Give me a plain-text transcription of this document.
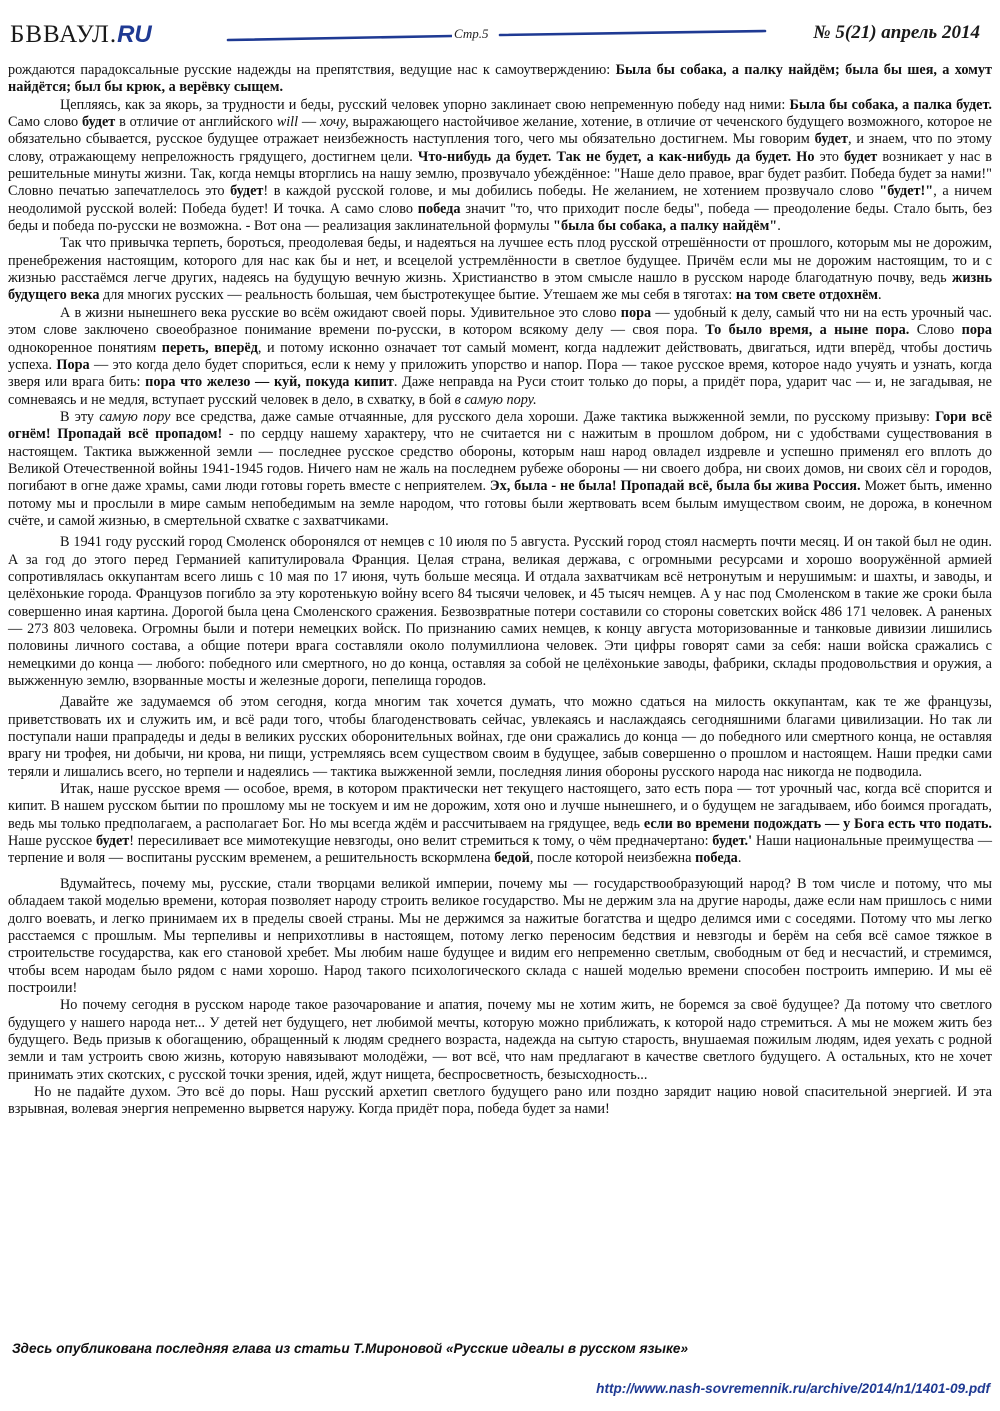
БВВАУЛ.RU	Стр.5	№ 5(21) апрель 2014

рождаются парадоксальные русские надежды на препятствия, ведущие нас к самоутверждению: Была бы собака, а палку найдём; была бы шея, а хомут найдётся; был бы крюк, а верёвку сыщем.

Цепляясь, как за якорь, за трудности и беды, русский человек упорно заклинает свою непременную победу над ними: Была бы собака, а палка будет. Само слово будет в отличие от английского will — хочу, выражающего настойчивое желание, хотение, в отличие от чеченского будущего возможного, которое не обязательно сбывается, русское будущее отражает неизбежность наступления того, чего мы обязательно достигнем. Мы говорим будет, и знаем, что по этому слову, отражающему непреложность грядущего, достигнем цели. Что-нибудь да будет. Так не будет, а как-нибудь да будет. Но это будет возникает у нас в решительные минуты жизни. Так, когда немцы вторглись на нашу землю, прозвучало убеждённое: "Наше дело правое, враг будет разбит. Победа будет за нами!" Словно печатью запечатлелось это будет! в каждой русской голове, и мы добились победы. Не желанием, не хотением прозвучало слово "будет!", а ничем неодолимой русской волей: Победа будет! И точка. А само слово победа значит "то, что приходит после беды", победа — преодоление беды. Стало быть, без беды и победа по-русски не возможна. - Вот она — реализация заклинательной формулы "была бы собака, а палку найдём".

Так что привычка терпеть, бороться, преодолевая беды, и надеяться на лучшее есть плод русской отрешённости от прошлого, которым мы не дорожим, пренебрежения настоящим, которого для нас как бы и нет, и всецелой устремлённости в светлое будущее. Причём если мы не дорожим настоящим, то и с жизнью расстаёмся легче других, надеясь на будущую вечную жизнь. Христианство в этом смысле нашло в русском народе благодатную почву, ведь жизнь будущего века для многих русских — реальность большая, чем быстротекущее бытие. Утешаем же мы себя в тяготах: на том свете отдохнём.

А в жизни нынешнего века русские во всём ожидают своей поры. Удивительное это слово пора — удобный к делу, самый что ни на есть урочный час. этом слове заключено своеобразное понимание времени по-русски, в котором всякому делу — своя пора. То было время, а ныне пора. Слово пора однокоренное понятиям переть, вперёд, и потому исконно означает тот самый момент, когда надлежит действовать, двигаться, идти вперёд, чтобы достичь успеха. Пора — это когда дело будет спориться, если к нему у приложить упорство и напор. Пора — такое русское время, которое надо учуять и узнать, когда зверя или врага бить: пора что железо — куй, покуда кипит. Даже неправда на Руси стоит только до поры, а придёт пора, ударит час — и, не загадывая, не сомневаясь и не медля, вступает русский человек в дело, в схватку, в бой в самую пору.

В эту самую пору все средства, даже самые отчаянные, для русского дела хороши. Даже тактика выжженной земли, по русскому призыву: Гори всё огнём! Пропадай всё пропадом! - по сердцу нашему характеру, что не считается ни с нажитым в прошлом добром, ни с удобствами существования в настоящем. Тактика выжженной земли — последнее русское средство обороны, которым наш народ овладел издревле и успешно применял его вплоть до Великой Отечественной войны 1941-1945 годов. Ничего нам не жаль на последнем рубеже обороны — ни своего добра, ни своих домов, ни своих сёл и городов, погибают в огне даже храмы, сами люди готовы гореть вместе с неприятелем. Эх, была - не была! Пропадай всё, была бы жива Россия. Может быть, именно потому мы и прослыли в мире самым непобедимым на земле народом, что готовы были жертвовать всем былым имуществом своим, не дорожа, в конечном счёте, и самой жизнью, в смертельной схватке с захватчиками.

В 1941 году русский город Смоленск оборонялся от немцев с 10 июля по 5 августа. Русский город стоял насмерть почти месяц. И он такой был не один. А за год до этого перед Германией капитулировала Франция. Целая страна, великая держава, с огромными ресурсами и хорошо вооружённой армией сопротивлялась оккупантам всего лишь с 10 мая по 17 июня, чуть больше месяца. И отдала захватчикам всё нетронутым и нерушимым: и шахты, и заводы, и целёхонькие города. Французов погибло за эту коротенькую войну всего 84 тысячи человек, и 45 тысяч немцев. А у нас под Смоленском в такие же сроки была совершенно иная картина. Дорогой была цена Смоленского сражения. Безвозвратные потери составили со стороны советских войск 486 171 человек. А раненых — 273 803 человека. Огромны были и потери немецких войск. По признанию самих немцев, к концу августа моторизованные и танковые дивизии лишились половины личного состава, а общие потери врага составляли около полумиллиона человек. Эти цифры говорят сами за себя: наши войска сражались с немецкими до конца — любого: победного или смертного, но до конца, оставляя за собой не целёхонькие заводы, фабрики, склады продовольствия и оружия, а выжженную землю, взорванные мосты и железные дороги, пепелища городов.

Давайте же задумаемся об этом сегодня, когда многим так хочется думать, что можно сдаться на милость оккупантам, как те же французы, приветствовать их и служить им, и всё ради того, чтобы благоденствовать сейчас, увлекаясь и наслаждаясь сегодняшними благами цивилизации. Но так ли поступали наши прапрадеды и деды в великих русских оборонительных войнах, где они сражались до конца — до победного или смертного конца, не оставляя врагу ни трофея, ни добычи, ни крова, ни пищи, устремляясь всем существом своим в будущее, забыв совершенно о прошлом и настоящем. Наши предки сами теряли и лишались всего, но терпели и надеялись — тактика выжженной земли, последняя линия обороны русского народа нас никогда не подводила.

Итак, наше русское время — особое, время, в котором практически нет текущего настоящего, зато есть пора — тот урочный час, когда всё спорится и кипит. В нашем русском бытии по прошлому мы не тоскуем и им не дорожим, хотя оно и лучше нынешнего, и о будущем не загадываем, ибо боимся прогадать, ведь мы только предполагаем, а располагает Бог. Но мы всегда ждём и рассчитываем на грядущее, ведь если во времени подождать — у Бога есть что подать. Наше русское будет! пересиливает все мимотекущие невзгоды, оно велит стремиться к тому, о чём предначертано: будет.' Наши национальные преимущества — терпение и воля — воспитаны русским временем, а решительность вскормлена бедой, после которой неизбежна победа.

Вдумайтесь, почему мы, русские, стали творцами великой империи, почему мы — государствообразующий народ? В том числе и потому, что мы обладаем такой моделью времени, которая позволяет народу строить великое государство. Мы не держим зла на другие народы, даже если нам пришлось с ними долго воевать, и легко принимаем их в пределы своей страны. Мы не держимся за нажитые богатства и щедро делимся ими с соседями. Потому что мы легко расстаемся с прошлым. Мы терпеливы и неприхотливы в настоящем, потому легко переносим бедствия и невзгоды и берём на себя всё самое тяжкое в строительстве государства, как его становой хребет. Мы любим наше будущее и видим его непременно светлым, свободным от бед и несчастий, и стремимся, чтобы всем народам было рядом с нами хорошо. Народ такого психологического склада с нашей моделью времени способен построить империю. И мы её построили!

Но почему сегодня в русском народе такое разочарование и апатия, почему мы не хотим жить, не боремся за своё будущее? Да потому что светлого будущего у нашего народа нет... У детей нет будущего, нет любимой мечты, которую можно приближать, к которой надо стремиться. А мы не можем жить без будущего. Ведь призыв к обогащению, обращенный к людям среднего возраста, надежда на сытую старость, внушаемая пожилым людям, идея уехать с родной земли и там устроить свою жизнь, которую навязывают молодёжи, — вот всё, что нам предлагают в качестве светлого будущего. А остальных, кто не хочет принимать этих скотских, с русской точки зрения, идей, ждут нищета, беспросветность, безысходность...

Но не падайте духом. Это всё до поры. Наш русский архетип светлого будущего рано или поздно зарядит нацию новой спасительной энергией. И эта взрывная, волевая энергия непременно вырвется наружу. Когда придёт пора, победа будет за нами!

Здесь опубликована последняя глава из статьи Т.Мироновой «Русские идеалы в русском языке»
http://www.nash-sovremennik.ru/archive/2014/n1/1401-09.pdf
